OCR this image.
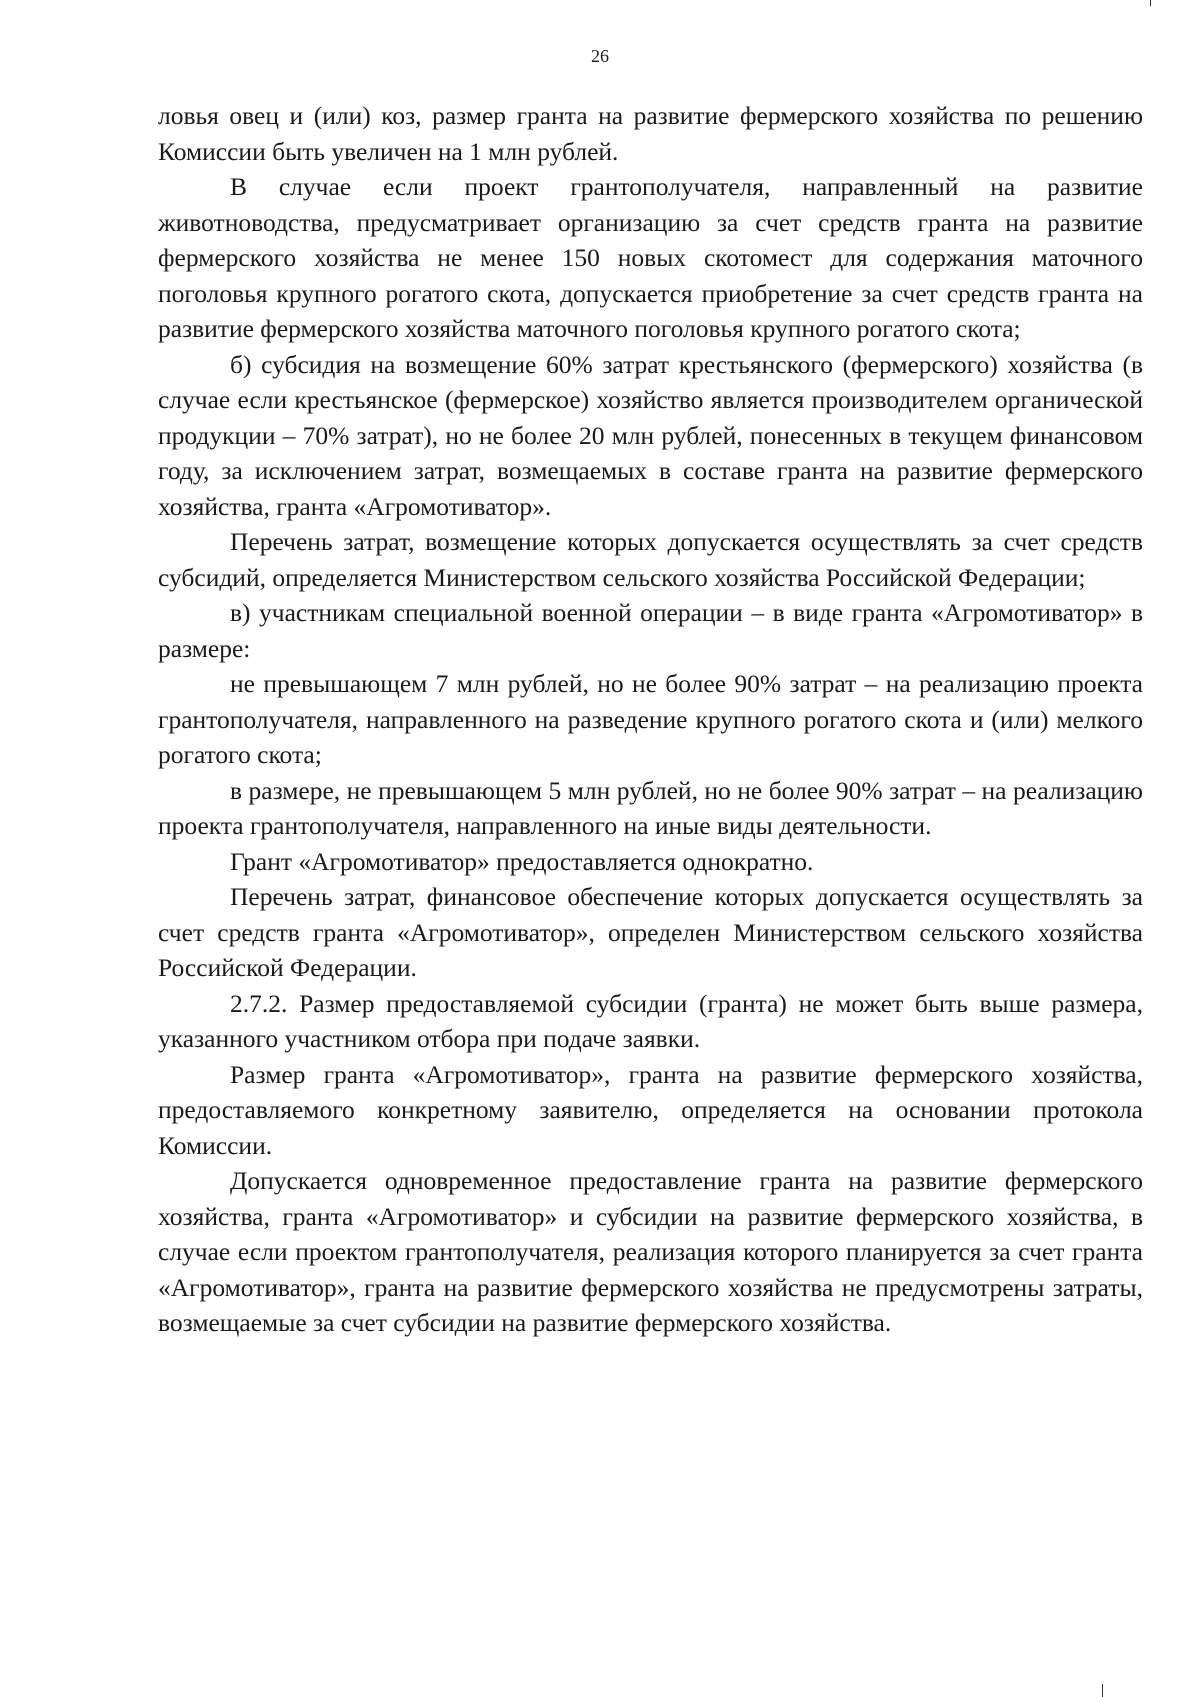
26

ловья овец и (или) коз, размер гранта на развитие фермерского хозяйства по решению Комиссии быть увеличен на 1 млн рублей.

В случае если проект грантополучателя, направленный на развитие животноводства, предусматривает организацию за счет средств гранта на развитие фермерского хозяйства не менее 150 новых скотомест для содержания маточного поголовья крупного рогатого скота, допускается приобретение за счет средств гранта на развитие фермерского хозяйства маточного поголовья крупного рогатого скота;

б) субсидия на возмещение 60% затрат крестьянского (фермерского) хозяйства (в случае если крестьянское (фермерское) хозяйство является производителем органической продукции – 70% затрат), но не более 20 млн рублей, понесенных в текущем финансовом году, за исключением затрат, возмещаемых в составе гранта на развитие фермерского хозяйства, гранта «Агромотиватор».

Перечень затрат, возмещение которых допускается осуществлять за счет средств субсидий, определяется Министерством сельского хозяйства Российской Федерации;

в) участникам специальной военной операции – в виде гранта «Агромотиватор» в размере:

не превышающем 7 млн рублей, но не более 90% затрат – на реализацию проекта грантополучателя, направленного на разведение крупного рогатого скота и (или) мелкого рогатого скота;

в размере, не превышающем 5 млн рублей, но не более 90% затрат – на реализацию проекта грантополучателя, направленного на иные виды деятельности.

Грант «Агромотиватор» предоставляется однократно.

Перечень затрат, финансовое обеспечение которых допускается осуществлять за счет средств гранта «Агромотиватор», определен Министерством сельского хозяйства Российской Федерации.

2.7.2. Размер предоставляемой субсидии (гранта) не может быть выше размера, указанного участником отбора при подаче заявки.

Размер гранта «Агромотиватор», гранта на развитие фермерского хозяйства, предоставляемого конкретному заявителю, определяется на основании протокола Комиссии.

Допускается одновременное предоставление гранта на развитие фермерского хозяйства, гранта «Агромотиватор» и субсидии на развитие фермерского хозяйства, в случае если проектом грантополучателя, реализация которого планируется за счет гранта «Агромотиватор», гранта на развитие фермерского хозяйства не предусмотрены затраты, возмещаемые за счет субсидии на развитие фермерского хозяйства.
